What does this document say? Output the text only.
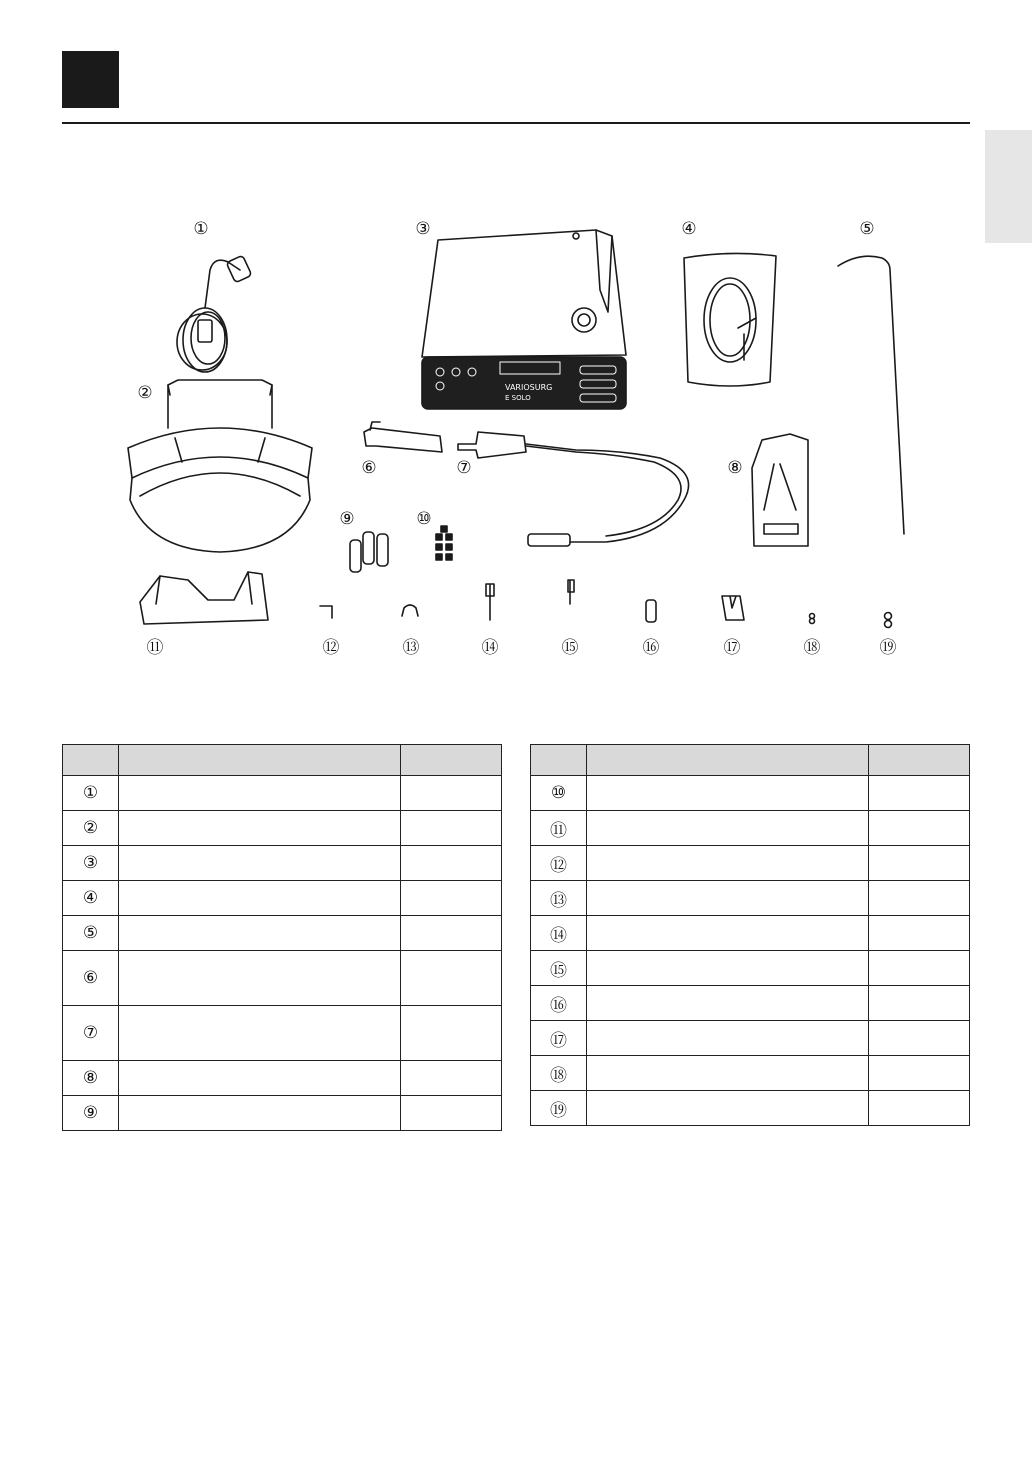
VARIOSURG
E SOLO
①
②
③	④	⑤
⑥	⑦	⑧
⑨	⑩
⑪	⑫	⑬	⑭	⑮	⑯	⑰	⑱	⑲

①		
②		
③		
④		
⑤		
⑥		
⑦		
⑧		
⑨		

⑩		
⑪		
⑫		
⑬		
⑭		
⑮		
⑯		
⑰		
⑱		
⑲		
